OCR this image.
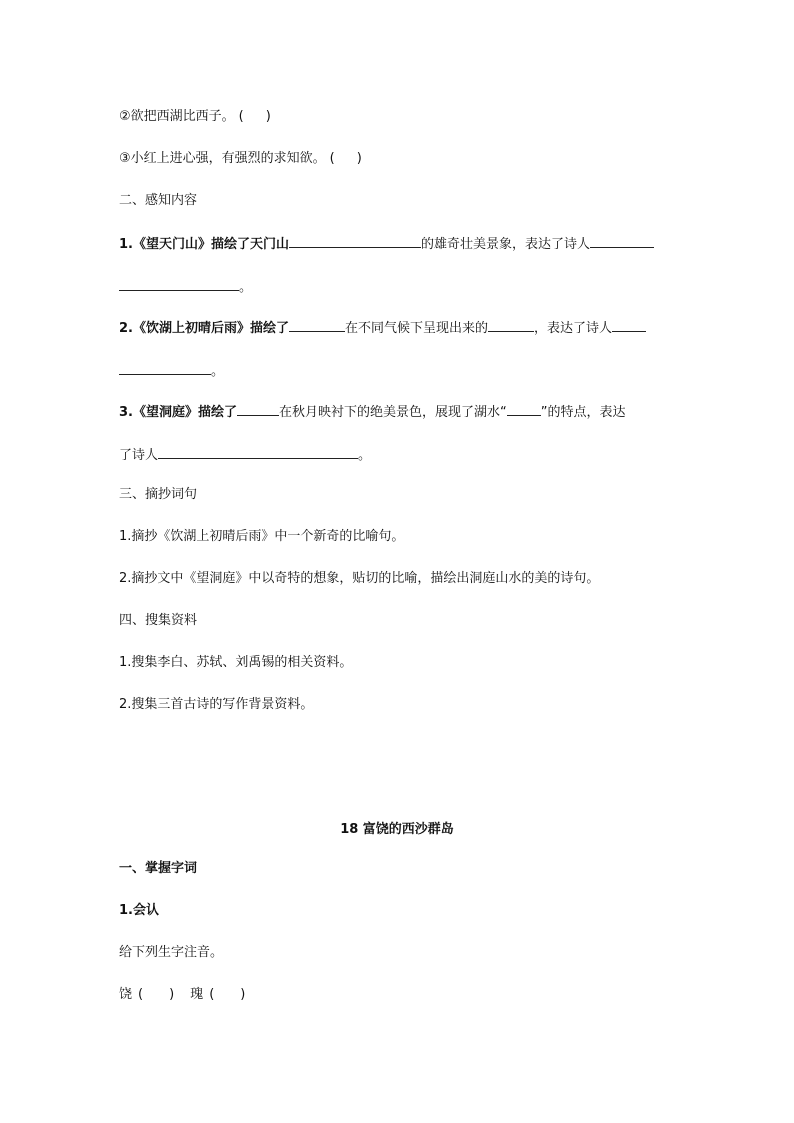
②欲把西湖比西子。 ( )
③小红上进心强，有强烈的求知欲。 ( )
二、感知内容
1.《望天门山》描绘了天门山	的雄奇壮美景象，表达了诗人
。
2.《饮湖上初晴后雨》描绘了	在不同气候下呈现出来的	，表达了诗人
。
3.《望洞庭》描绘了	在秋月映衬下的绝美景色，展现了湖水“	”的特点，表达
了诗人	。
三、摘抄词句
1.摘抄《饮湖上初晴后雨》中一个新奇的比喻句。
2.摘抄文中《望洞庭》中以奇特的想象，贴切的比喻，描绘出洞庭山水的美的诗句。
四、搜集资料
1.搜集李白、苏轼、刘禹锡的相关资料。
2.搜集三首古诗的写作背景资料。
18 富饶的西沙群岛
一、掌握字词
1.会认
给下列生字注音。
饶 ( ) 瑰 ( )
